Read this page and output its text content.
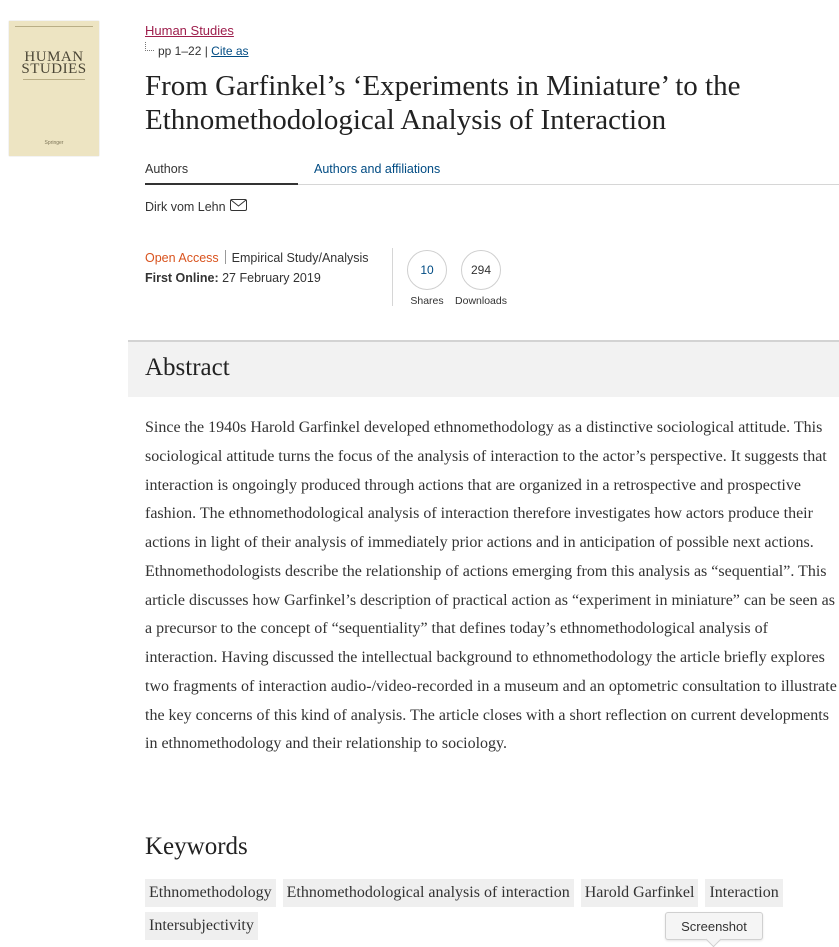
HUMAN
STUDIES
Springer
Human Studies
pp 1–22 | Cite as
From Garfinkel’s ‘Experiments in Miniature’ to the Ethnomethodological Analysis of Interaction
Authors	Authors and affiliations
Dirk vom Lehn
Open Access Empirical Study/Analysis
First Online: 27 February 2019
10
Shares
294
Downloads
Abstract

Since the 1940s Harold Garfinkel developed ethnomethodology as a distinctive sociological attitude. This sociological attitude turns the focus of the analysis of interaction to the actor’s perspective. It suggests that interaction is ongoingly produced through actions that are organized in a retrospective and prospective fashion. The ethnomethodological analysis of interaction therefore investigates how actors produce their actions in light of their analysis of immediately prior actions and in anticipation of possible next actions. Ethnomethodologists describe the relationship of actions emerging from this analysis as “sequential”. This article discusses how Garfinkel’s description of practical action as “experiment in miniature” can be seen as a precursor to the concept of “sequentiality” that defines today’s ethnomethodological analysis of interaction. Having discussed the intellectual background to ethnomethodology the article briefly explores two fragments of interaction audio-/video-recorded in a museum and an optometric consultation to illustrate the key concerns of this kind of analysis. The article closes with a short reflection on current developments in ethnomethodology and their relationship to sociology.

Keywords
Ethnomethodology Ethnomethodological analysis of interaction Harold Garfinkel Interaction
Intersubjectivity	Screenshot
